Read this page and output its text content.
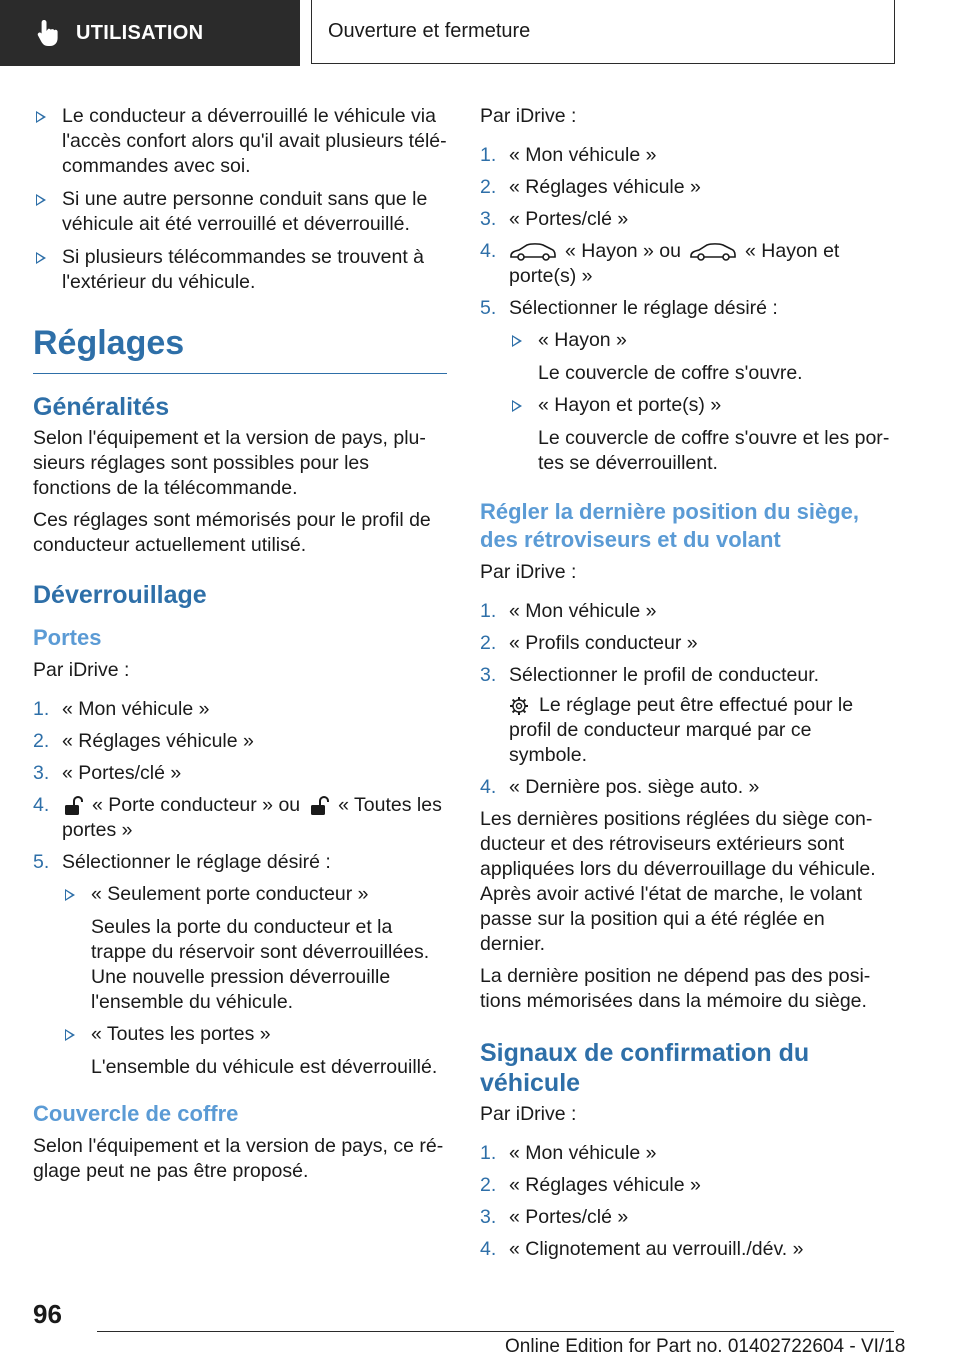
UTILISATION	Ouverture et fermeture
Le conducteur a déverrouillé le véhicule via l'accès confort alors qu'il avait plusieurs télécommandes avec soi.
Si une autre personne conduit sans que le véhicule ait été verrouillé et déverrouillé.
Si plusieurs télécommandes se trouvent à l'extérieur du véhicule.
Réglages
Généralités

Selon l'équipement et la version de pays, plusieurs réglages sont possibles pour les fonctions de la télécommande.

Ces réglages sont mémorisés pour le profil de conducteur actuellement utilisé.

Déverrouillage
Portes

Par iDrive :

1. « Mon véhicule »
2. « Réglages véhicule »
3. « Portes/clé »
4. « Porte conducteur » ou « Toutes les portes »
5. Sélectionner le réglage désiré :
« Seulement porte conducteur »
Seules la porte du conducteur et la trappe du réservoir sont déverrouillées. Une nouvelle pression déverrouille l'ensemble du véhicule.
« Toutes les portes »
L'ensemble du véhicule est déverrouillé.
Couvercle de coffre

Selon l'équipement et la version de pays, ce réglage peut ne pas être proposé.

Par iDrive :

1. « Mon véhicule »
2. « Réglages véhicule »
3. « Portes/clé »
4.	« Hayon » ou	« Hayon et porte(s) »
5. Sélectionner le réglage désiré :
« Hayon »
Le couvercle de coffre s'ouvre.
« Hayon et porte(s) »
Le couvercle de coffre s'ouvre et les portes se déverrouillent.
Régler la dernière position du siège, des rétroviseurs et du volant

Par iDrive :

1. « Mon véhicule »
2. « Profils conducteur »
3. Sélectionner le profil de conducteur.
Le réglage peut être effectué pour le profil de conducteur marqué par ce symbole.
4. « Dernière pos. siège auto. »

Les dernières positions réglées du siège conducteur et des rétroviseurs extérieurs sont appliquées lors du déverrouillage du véhicule. Après avoir activé l'état de marche, le volant passe sur la position qui a été réglée en dernier.

La dernière position ne dépend pas des positions mémorisées dans la mémoire du siège.

Signaux de confirmation du véhicule

Par iDrive :

1. « Mon véhicule »
2. « Réglages véhicule »
3. « Portes/clé »
4. « Clignotement au verrouill./dév. »
96
Online Edition for Part no. 01402722604 - VI/18
